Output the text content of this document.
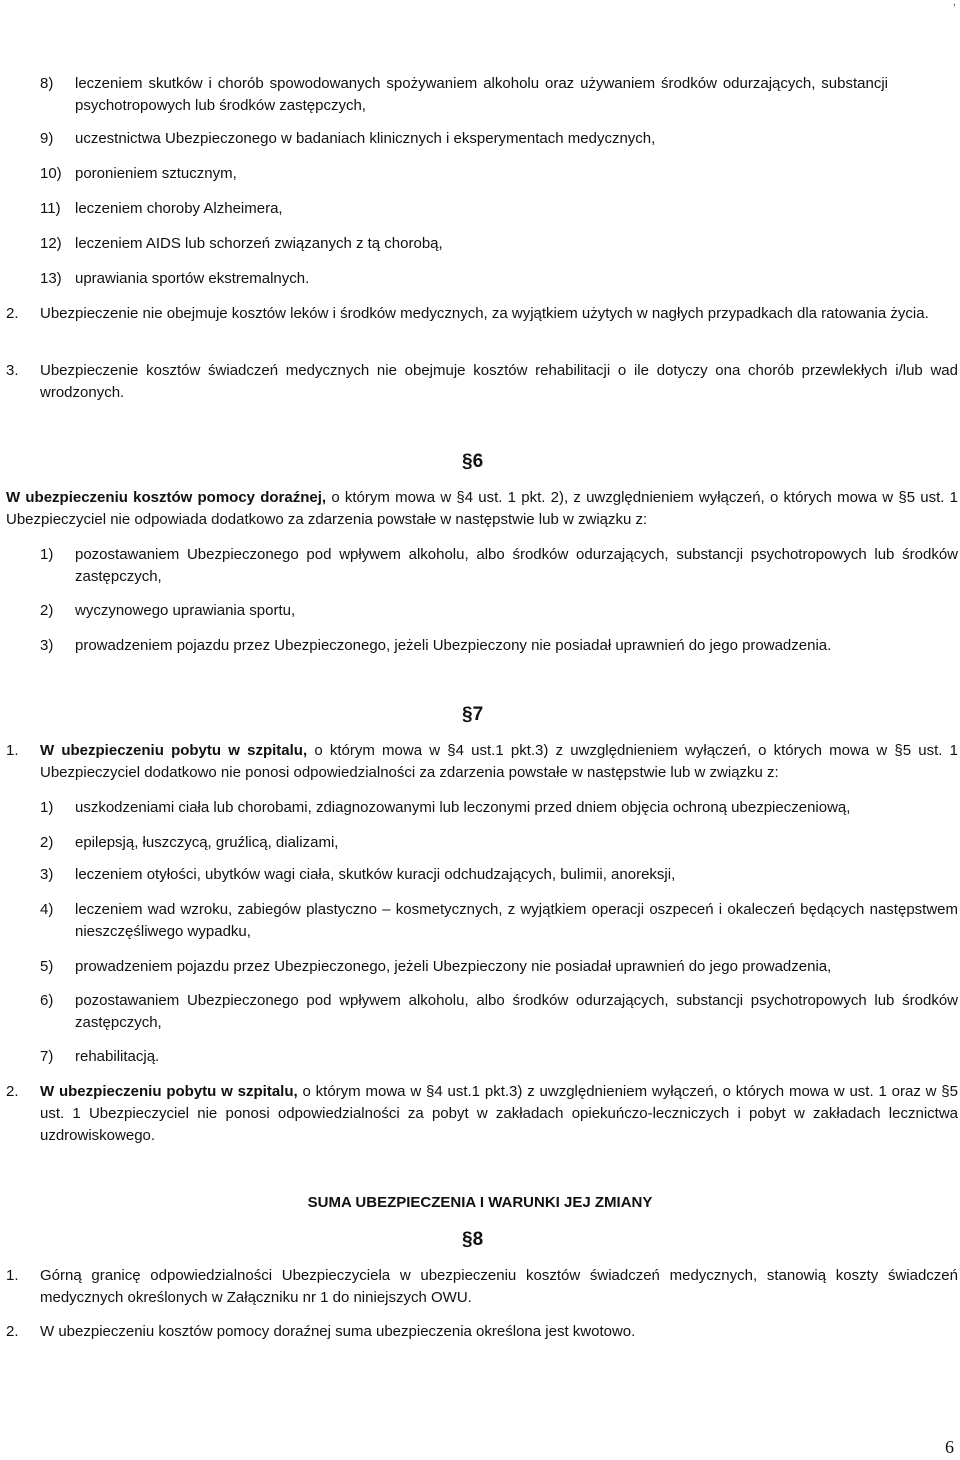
,
8)	leczeniem skutków i chorób spowodowanych spożywaniem alkoholu oraz używaniem środków odurzających, substancji psychotropowych lub środków zastępczych,
9)	uczestnictwa Ubezpieczonego w badaniach klinicznych i eksperymentach medycznych,
10) poronieniem sztucznym,
11) leczeniem choroby Alzheimera,
12) leczeniem AIDS lub schorzeń związanych z tą chorobą,
13) uprawiania sportów ekstremalnych.
2.	Ubezpieczenie nie obejmuje kosztów leków i środków medycznych, za wyjątkiem użytych w nagłych przypadkach dla ratowania życia.
3.	Ubezpieczenie kosztów świadczeń medycznych nie obejmuje kosztów rehabilitacji o ile dotyczy ona chorób przewlekłych i/lub wad wrodzonych.
§6
W ubezpieczeniu kosztów pomocy doraźnej, o którym mowa w §4 ust. 1 pkt. 2), z uwzględnieniem wyłączeń, o których mowa w §5 ust. 1 Ubezpieczyciel nie odpowiada dodatkowo za zdarzenia powstałe w następstwie lub w związku z:
1)	pozostawaniem Ubezpieczonego pod wpływem alkoholu, albo środków odurzających, substancji psychotropowych lub środków zastępczych,
2)	wyczynowego uprawiania sportu,
3)	prowadzeniem pojazdu przez Ubezpieczonego, jeżeli Ubezpieczony nie posiadał uprawnień do jego prowadzenia.
§7
1.	W ubezpieczeniu pobytu w szpitalu, o którym mowa w §4 ust.1 pkt.3) z uwzględnieniem wyłączeń, o których mowa w §5 ust. 1 Ubezpieczyciel dodatkowo nie ponosi odpowiedzialności za zdarzenia powstałe w następstwie lub w związku z:
1)	uszkodzeniami ciała lub chorobami, zdiagnozowanymi lub leczonymi przed dniem objęcia ochroną ubezpieczeniową,
2)	epilepsją, łuszczycą, gruźlicą, dializami,
3)	leczeniem otyłości, ubytków wagi ciała, skutków kuracji odchudzających, bulimii, anoreksji,
4)	leczeniem wad wzroku, zabiegów plastyczno – kosmetycznych, z wyjątkiem operacji oszpeceń i okaleczeń będących następstwem nieszczęśliwego wypadku,
5)	prowadzeniem pojazdu przez Ubezpieczonego, jeżeli Ubezpieczony nie posiadał uprawnień do jego prowadzenia,
6)	pozostawaniem Ubezpieczonego pod wpływem alkoholu, albo środków odurzających, substancji psychotropowych lub środków zastępczych,
7)	rehabilitacją.
2.	W ubezpieczeniu pobytu w szpitalu, o którym mowa w §4 ust.1 pkt.3) z uwzględnieniem wyłączeń, o których mowa w ust. 1 oraz w §5 ust. 1 Ubezpieczyciel nie ponosi odpowiedzialności za pobyt w zakładach opiekuńczo-leczniczych i pobyt w zakładach lecznictwa uzdrowiskowego.
SUMA UBEZPIECZENIA I WARUNKI JEJ ZMIANY
§8
1.	Górną granicę odpowiedzialności Ubezpieczyciela w ubezpieczeniu kosztów świadczeń medycznych, stanowią koszty świadczeń medycznych określonych w Załączniku nr 1 do niniejszych OWU.
2.	W ubezpieczeniu kosztów pomocy doraźnej suma ubezpieczenia określona jest kwotowo.
6
